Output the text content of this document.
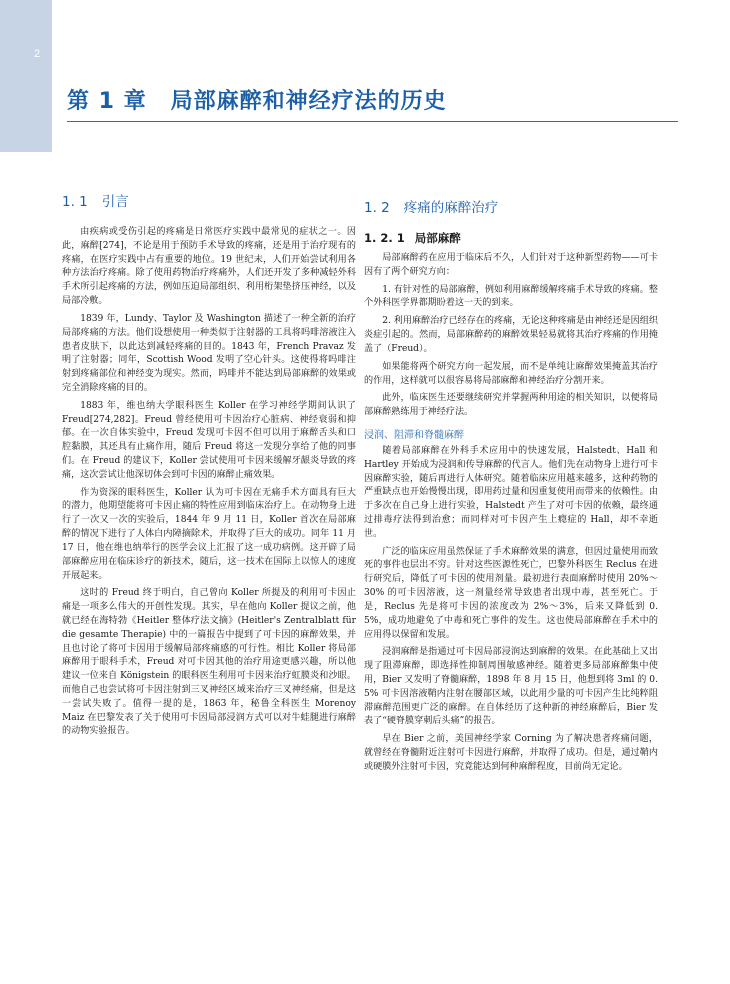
2
第 1 章 局部麻醉和神经疗法的历史
1. 1 引言

由疾病或受伤引起的疼痛是日常医疗实践中最常见的症状之一。因此，麻醉[274]，不论是用于预防手术导致的疼痛，还是用于治疗现有的疼痛，在医疗实践中占有重要的地位。19 世纪末，人们开始尝试利用各种方法治疗疼痛。除了使用药物治疗疼痛外，人们还开发了多种减轻外科手术所引起疼痛的方法，例如压迫局部组织、利用桁架垫挤压神经，以及局部冷敷。

1839 年，Lundy、Taylor 及 Washington 描述了一种全新的治疗局部疼痛的方法。他们设想使用一种类似于注射器的工具将吗啡溶液注入患者皮肤下，以此达到减轻疼痛的目的。1843 年，French Pravaz 发明了注射器；同年，Scottish Wood 发明了空心针头。这使得将吗啡注射到疼痛部位和神经变为现实。然而，吗啡并不能达到局部麻醉的效果或完全消除疼痛的目的。

1883 年，维也纳大学眼科医生 Koller 在学习神经学期间认识了 Freud[274,282]。Freud 曾经使用可卡因治疗心脏病、神经衰弱和抑郁。在一次自体实验中，Freud 发现可卡因不但可以用于麻醉舌头和口腔黏膜，其还具有止痛作用，随后 Freud 将这一发现分享给了他的同事们。在 Freud 的建议下，Koller 尝试使用可卡因来缓解牙龈炎导致的疼痛，这次尝试让他深切体会到可卡因的麻醉止痛效果。

作为资深的眼科医生，Koller 认为可卡因在无痛手术方面具有巨大的潜力，他期望能将可卡因止痛的特性应用到临床治疗上。在动物身上进行了一次又一次的实验后，1844 年 9 月 11 日，Koller 首次在局部麻醉的情况下进行了人体白内障摘除术，并取得了巨大的成功。同年 11 月 17 日，他在维也纳举行的医学会议上汇报了这一成功病例。这开辟了局部麻醉应用在临床诊疗的新技术，随后，这一技术在国际上以惊人的速度开展起来。

这时的 Freud 终于明白，自己曾向 Koller 所提及的利用可卡因止痛是一项多么伟大的开创性发现。其实，早在他向 Koller 提议之前，他就已经在海特勃《Heitler 整体疗法文摘》(Heitler's Zentralblatt für die gesamte Therapie) 中的一篇报告中提到了可卡因的麻醉效果，并且也讨论了将可卡因用于缓解局部疼痛感的可行性。相比 Koller 将局部麻醉用于眼科手术，Freud 对可卡因其他的治疗用途更感兴趣，所以他建议一位来自 Königstein 的眼科医生利用可卡因来治疗虹膜炎和沙眼。而他自己也尝试将可卡因注射到三叉神经区域来治疗三叉神经痛，但是这一尝试失败了。值得一提的是，1863 年，秘鲁全科医生 Morenoy Maiz 在巴黎发表了关于使用可卡因局部浸润方式可以对牛蛙腿进行麻醉的动物实验报告。

1. 2 疼痛的麻醉治疗
1. 2. 1 局部麻醉

局部麻醉药在应用于临床后不久，人们针对于这种新型药物——可卡因有了两个研究方向：

1. 有针对性的局部麻醉，例如利用麻醉缓解疼痛手术导致的疼痛。整个外科医学界都期盼着这一天的到来。

2. 利用麻醉治疗已经存在的疼痛，无论这种疼痛是由神经还是因组织炎症引起的。然而，局部麻醉药的麻醉效果轻易就将其治疗疼痛的作用掩盖了（Freud）。

如果能将两个研究方向一起发展，而不是单纯让麻醉效果掩盖其治疗的作用，这样就可以很容易将局部麻醉和神经治疗分割开来。

此外，临床医生还要继续研究并掌握两种用途的相关知识，以便将局部麻醉熟练用于神经疗法。

浸润、阻滞和脊髓麻醉

随着局部麻醉在外科手术应用中的快速发展，Halstedt、Hall 和 Hartley 开始成为浸润和传导麻醉的代言人。他们先在动物身上进行可卡因麻醉实验，随后再进行人体研究。随着临床应用越来越多，这种药物的严重缺点也开始慢慢出现，即用药过量和因重复使用而带来的依赖性。由于多次在自己身上进行实验，Halstedt 产生了对可卡因的依赖，最终通过排毒疗法得到治愈；而同样对可卡因产生上瘾症的 Hall，却不幸逝世。

广泛的临床应用虽然保证了手术麻醉效果的满意，但因过量使用而致死的事件也层出不穷。针对这些医源性死亡，巴黎外科医生 Reclus 在进行研究后，降低了可卡因的使用剂量。最初进行表面麻醉时使用 20%～30% 的可卡因溶液，这一剂量经常导致患者出现中毒，甚至死亡。于是，Reclus 先是将可卡因的浓度改为 2%～3%，后来又降低到 0. 5%，成功地避免了中毒和死亡事件的发生。这也使局部麻醉在手术中的应用得以保留和发展。

浸润麻醉是指通过可卡因局部浸润达到麻醉的效果。在此基础上又出现了阻滞麻醉，即选择性抑制周围敏感神经。随着更多局部麻醉集中使用，Bier 又发明了脊髓麻醉，1898 年 8 月 15 日，他想到将 3ml 的 0. 5% 可卡因溶液鞘内注射在腰部区域，以此用少量的可卡因产生比纯粹阻滞麻醉范围更广泛的麻醉。在自体经历了这种新的神经麻醉后，Bier 发表了“硬脊膜穿刺后头痛”的报告。

早在 Bier 之前，美国神经学家 Corning 为了解决患者疼痛问题，就曾经在脊髓附近注射可卡因进行麻醉，并取得了成功。但是，通过鞘内或硬膜外注射可卡因，究竟能达到何种麻醉程度，目前尚无定论。
